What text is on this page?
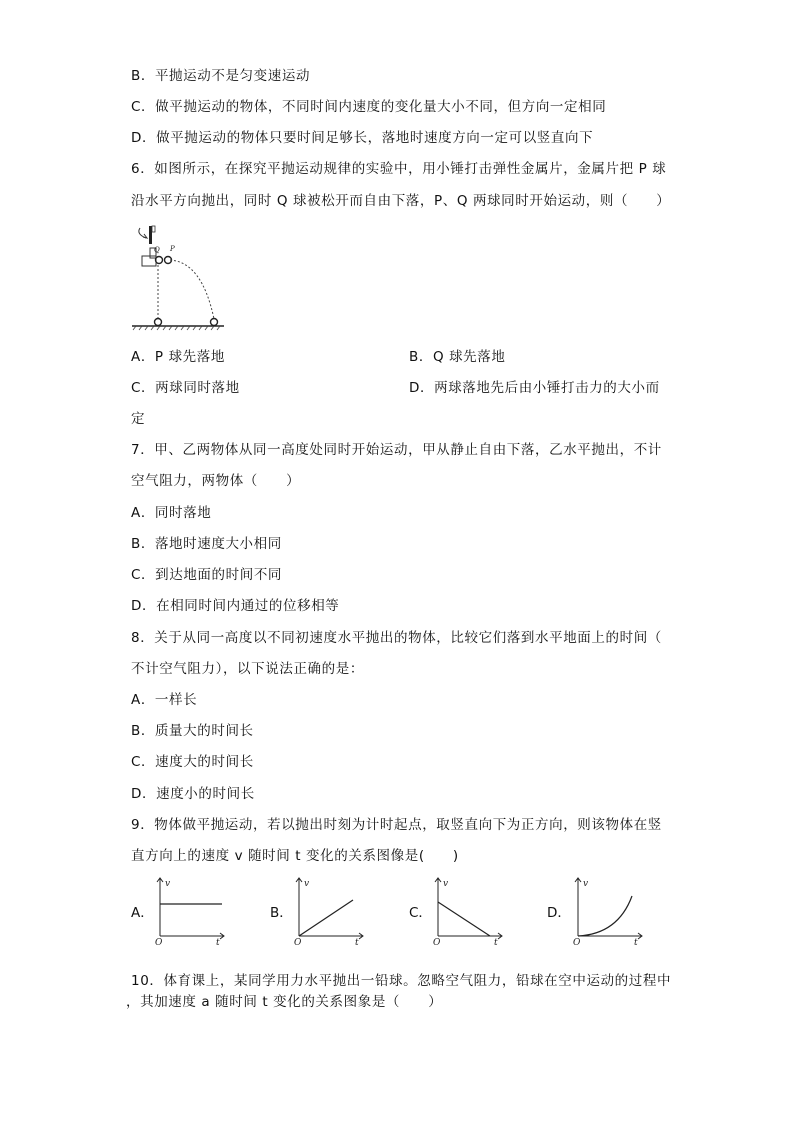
B．平抛运动不是匀变速运动
C．做平抛运动的物体，不同时间内速度的变化量大小不同，但方向一定相同
D．做平抛运动的物体只要时间足够长，落地时速度方向一定可以竖直向下
6．如图所示，在探究平抛运动规律的实验中，用小锤打击弹性金属片，金属片把 P 球
沿水平方向抛出，同时 Q 球被松开而自由下落，P、Q 两球同时开始运动，则（　　）
Q P
A．P 球先落地	B．Q 球先落地
C．两球同时落地	D．两球落地先后由小锤打击力的大小而
定
7．甲、乙两物体从同一高度处同时开始运动，甲从静止自由下落，乙水平抛出，不计
空气阻力，两物体（　　）
A．同时落地
B．落地时速度大小相同
C．到达地面的时间不同
D．在相同时间内通过的位移相等
8．关于从同一高度以不同初速度水平抛出的物体，比较它们落到水平地面上的时间（
不计空气阻力），以下说法正确的是：
A．一样长
B．质量大的时间长
C．速度大的时间长
D．速度小的时间长
9．物体做平抛运动，若以抛出时刻为计时起点，取竖直向下为正方向，则该物体在竖
直方向上的速度 v 随时间 t 变化的关系图像是(　　)
A．
v
t
O
B．
v
t
O
C．
v
t
O
D．
v
t
O
10．体育课上，某同学用力水平抛出一铅球。忽略空气阻力，铅球在空中运动的过程中
，其加速度 a 随时间 t 变化的关系图象是（　　）
